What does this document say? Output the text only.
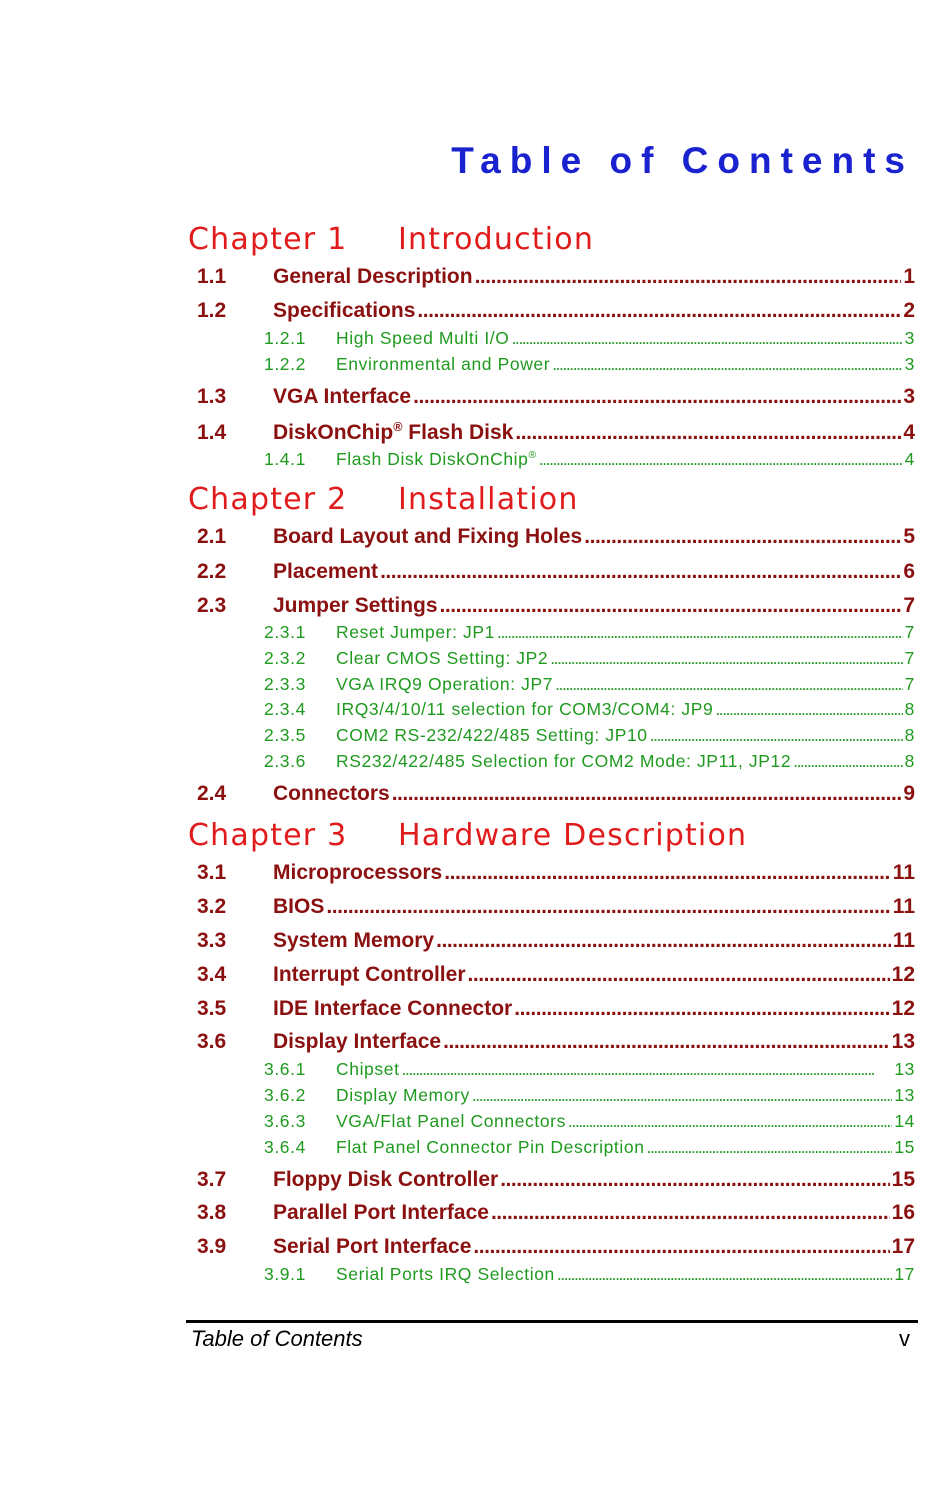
Table of Contents
Chapter 1 Introduction
1.1	General Description . . .	1
1.2	Specifications . . .	2
1.2.1	High Speed Multi I/O . . .	3
1.2.2	Environmental and Power . . .	3
1.3	VGA Interface . . .	3
1.4	DiskOnChip® Flash Disk . . .	4
1.4.1	Flash Disk DiskOnChip® . . .	4
Chapter 2 Installation
2.1	Board Layout and Fixing Holes . . .	5
2.2	Placement . . .	6
2.3	Jumper Settings . . .	7
2.3.1	Reset Jumper: JP1 . . .	7
2.3.2	Clear CMOS Setting: JP2 . . .	7
2.3.3	VGA IRQ9 Operation: JP7 . . .	7
2.3.4	IRQ3/4/10/11 selection for COM3/COM4: JP9 . . .	8
2.3.5	COM2 RS-232/422/485 Setting: JP10 . . .	8
2.3.6	RS232/422/485 Selection for COM2 Mode: JP11, JP12 . . .	8
2.4	Connectors . . .	9
Chapter 3 Hardware Description
3.1	Microprocessors . . .	11
3.2	BIOS . . .	11
3.3	System Memory . . .	11
3.4	Interrupt Controller . . .	12
3.5	IDE Interface Connector . . .	12
3.6	Display Interface . . .	13
3.6.1	Chipset . . .	13
3.6.2	Display Memory . . .	13
3.6.3	VGA/Flat Panel Connectors . . .	14
3.6.4	Flat Panel Connector Pin Description . . .	15
3.7	Floppy Disk Controller . . .	15
3.8	Parallel Port Interface . . .	16
3.9	Serial Port Interface . . .	17
3.9.1	Serial Ports IRQ Selection . . .	17
Table of Contents	v
